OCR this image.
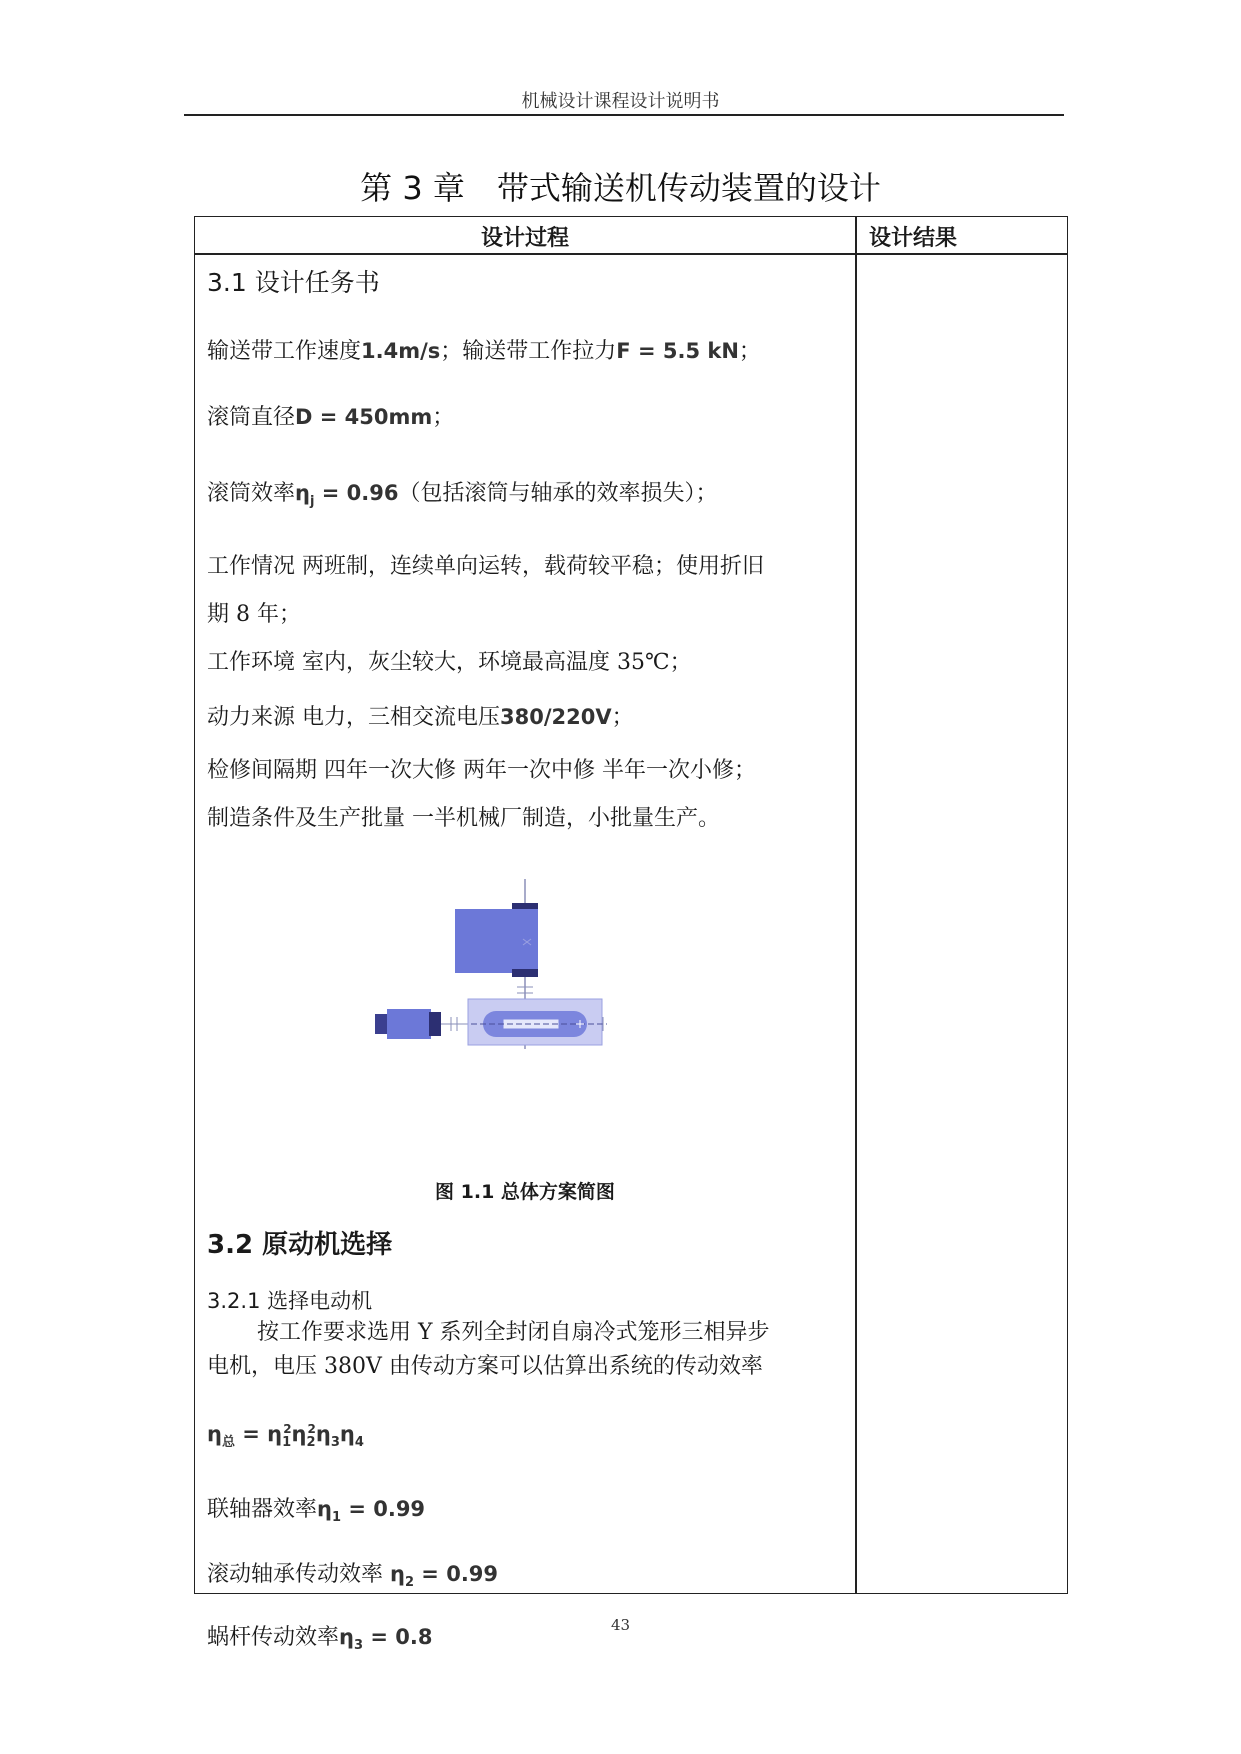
机械设计课程设计说明书
第 3 章　带式输送机传动装置的设计
设计过程	设计结果
3.1 设计任务书
输送带工作速度1.4m/s；输送带工作拉力F = 5.5 kN；
滚筒直径D = 450mm；
滚筒效率$\eta_j = 0.96$（包括滚筒与轴承的效率损失）；
工作情况 两班制，连续单向运转，载荷较平稳；使用折旧
期 8 年；
工作环境 室内，灰尘较大，环境最高温度 35℃；
动力来源 电力，三相交流电压380/220V；
检修间隔期 四年一次大修 两年一次中修 半年一次小修；
制造条件及生产批量 一半机械厂制造，小批量生产。
图 1.1 总体方案简图
3.2 原动机选择
3.2.1 选择电动机
按工作要求选用 Y 系列全封闭自扇冷式笼形三相异步
电机，电压 380V 由传动方案可以估算出系统的传动效率
$\eta_总 = \eta_1^2\eta_2^2\eta_3\eta_4$
联轴器效率$\eta_1 = 0.99$
滚动轴承传动效率 $\eta_2 = 0.99$
蜗杆传动效率$\eta_3 = 0.8$	43
